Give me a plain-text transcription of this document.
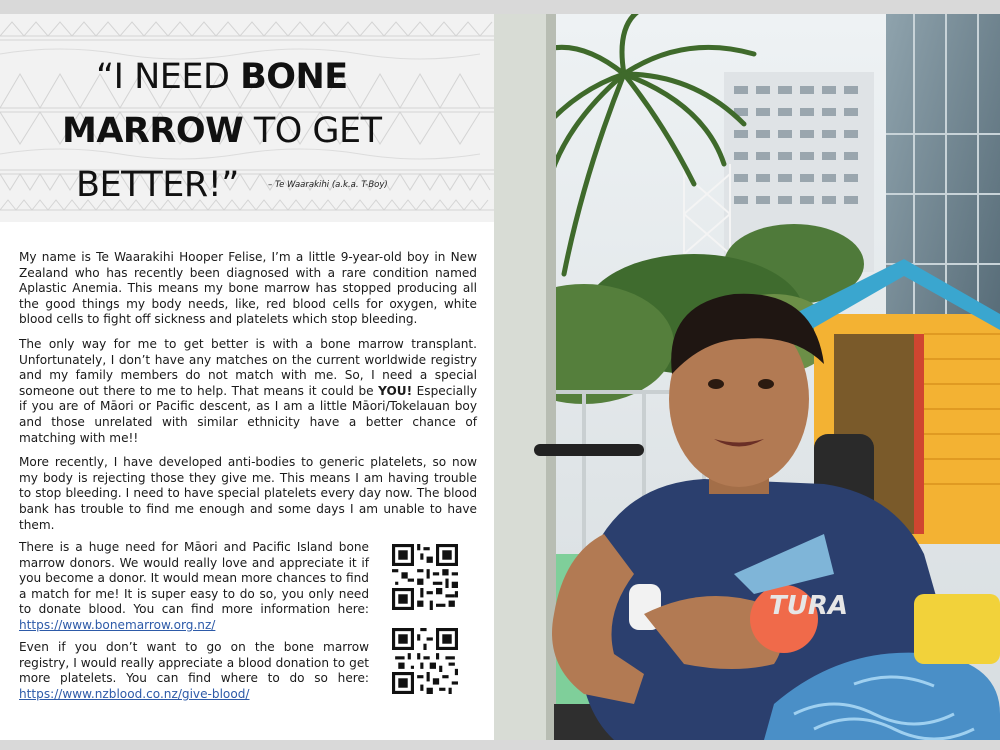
“I NEED BONE
MARROW TO GET
BETTER!”	– Te Waarakihi (a.k.a. T-Boy)

My name is Te Waarakihi Hooper Felise, I’m a little 9-year-old boy in New Zealand who has recently been diagnosed with a rare condition named Aplastic Anemia. This means my bone marrow has stopped producing all the good things my body needs, like, red blood cells for oxygen, white blood cells to fight off sickness and platelets which stop bleeding.

The only way for me to get better is with a bone marrow transplant. Unfortunately, I don’t have any matches on the current worldwide registry and my family members do not match with me. So, I need a special someone out there to me to help. That means it could be YOU! Especially if you are of Māori or Pacific descent, as I am a little Māori/Tokelauan boy and those unrelated with similar ethnicity have a better chance of matching with me!!

More recently, I have developed anti-bodies to generic platelets, so now my body is rejecting those they give me. This means I am having trouble to stop bleeding. I need to have special platelets every day now. The blood bank has trouble to find me enough and some days I am unable to have them.

There is a huge need for Māori and Pacific Island bone marrow donors. We would really love and appreciate it if you become a donor. It would mean more chances to find a match for me! It is super easy to do so, you only need to donate blood. You can find more information here: https://www.bonemarrow.org.nz/
Even if you don’t want to go on the bone marrow registry, I would really appreciate a blood donation to get more platelets. You can find where to do so here: https://www.nzblood.co.nz/give-blood/
TURA
